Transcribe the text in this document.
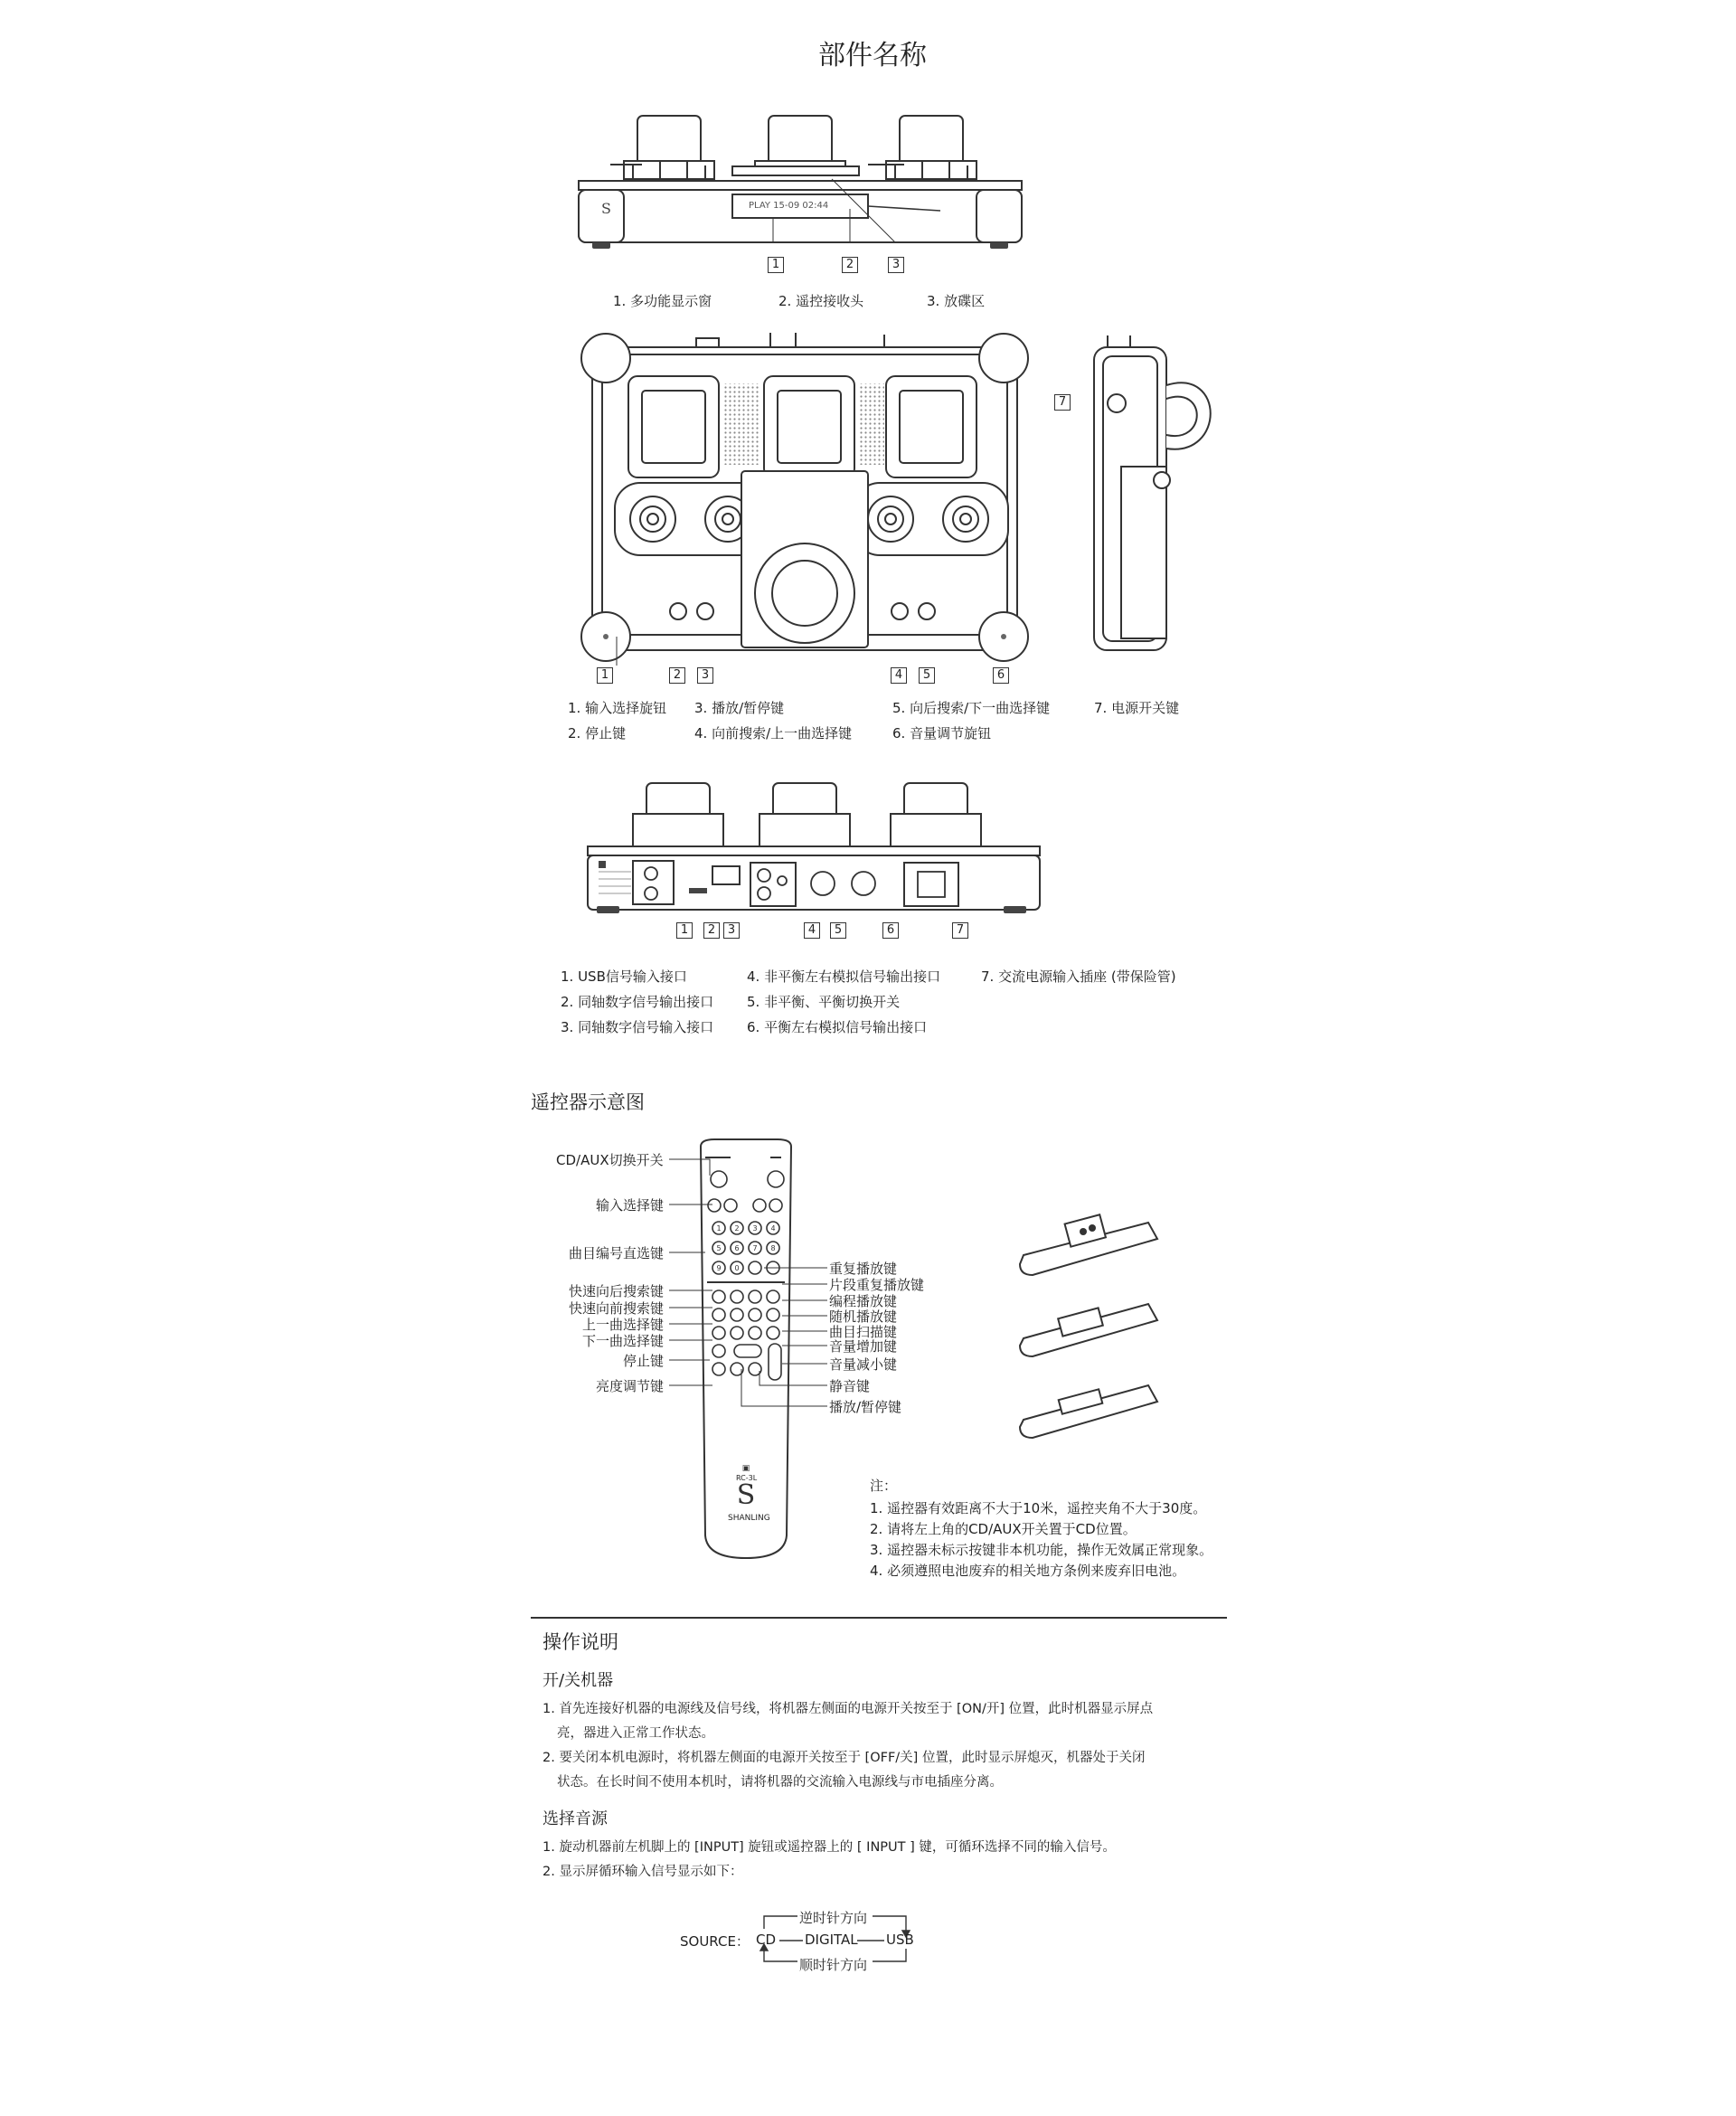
部件名称
S	PLAY 15-09 02:44
1	2	3
1. 多功能显示窗	2. 遥控接收头	3. 放碟区
1	2	3	4	5	6
7
1. 输入选择旋钮
2. 停止键
3. 播放/暂停键
4. 向前搜索/上一曲选择键
5. 向后搜索/下一曲选择键
6. 音量调节旋钮
7. 电源开关键
1	2	3	4	5	6	7
1. USB信号输入接口
2. 同轴数字信号输出接口
3. 同轴数字信号输入接口
4. 非平衡左右模拟信号输出接口
5. 非平衡、平衡切换开关
6. 平衡左右模拟信号输出接口
7. 交流电源输入插座 (带保险管)
遥控器示意图
▣
S
1 2 3 4
5 6 7 8
9 0
RC-3L
SHANLING
CD/AUX切换开关
输入选择键
曲目编号直选键
快速向后搜索键
快速向前搜索键
上一曲选择键
下一曲选择键
停止键
亮度调节键
重复播放键
片段重复播放键
编程播放键
随机播放键
曲目扫描键
音量增加键
音量减小键
静音键
播放/暂停键
注：
1. 遥控器有效距离不大于10米，遥控夹角不大于30度。
2. 请将左上角的CD/AUX开关置于CD位置。
3. 遥控器未标示按键非本机功能，操作无效属正常现象。
4. 必须遵照电池废弃的相关地方条例来废弃旧电池。
操作说明
开/关机器
1. 首先连接好机器的电源线及信号线，将机器左侧面的电源开关按至于 [ON/开] 位置，此时机器显示屏点
亮，器进入正常工作状态。
2. 要关闭本机电源时，将机器左侧面的电源开关按至于 [OFF/关] 位置，此时显示屏熄灭，机器处于关闭
状态。在长时间不使用本机时，请将机器的交流输入电源线与市电插座分离。
选择音源
1. 旋动机器前左机脚上的 [INPUT] 旋钮或遥控器上的 [ INPUT ] 键，可循环选择不同的输入信号。
2. 显示屏循环输入信号显示如下：
逆时针方向
SOURCE： CD DIGITAL USB
顺时针方向
